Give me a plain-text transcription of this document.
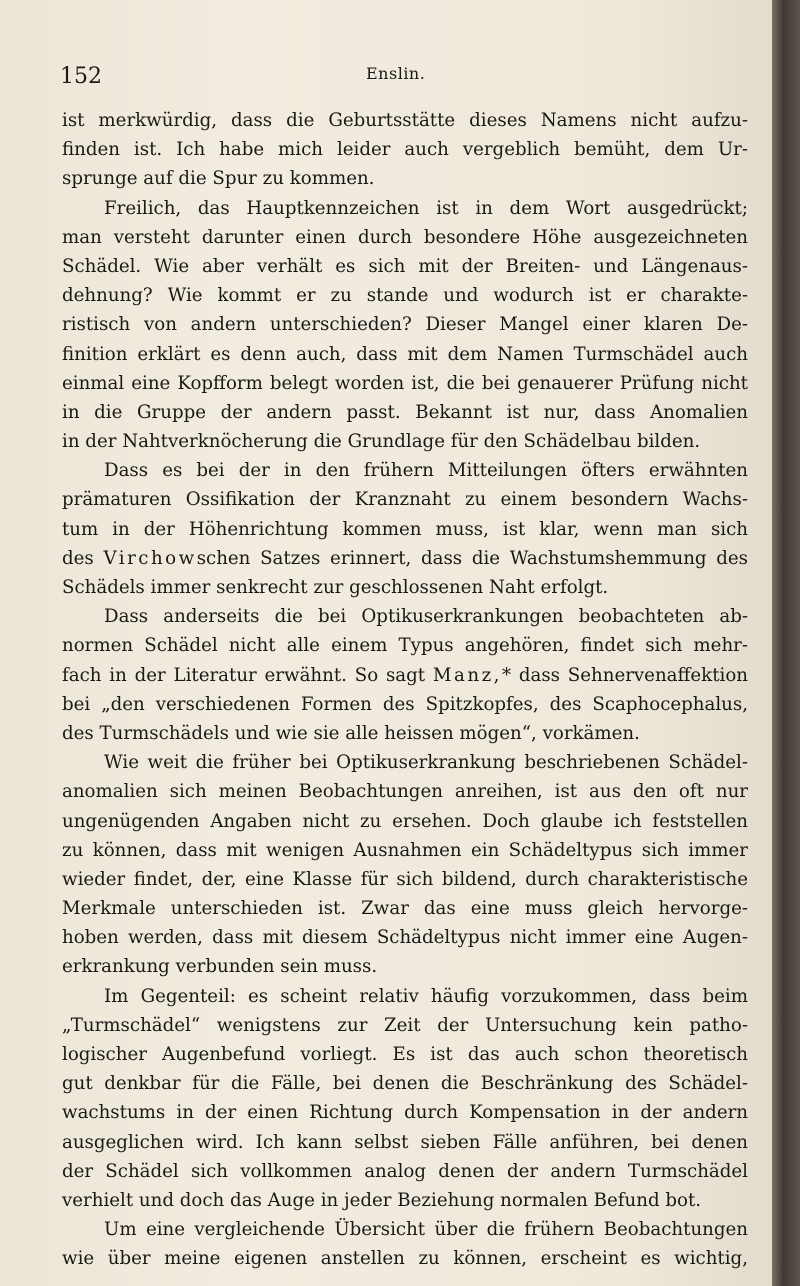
152	Enslin.
ist merkwürdig, dass die Geburtsstätte dieses Namens nicht aufzu-
finden ist. Ich habe mich leider auch vergeblich bemüht, dem Ur-
sprunge auf die Spur zu kommen.
Freilich, das Hauptkennzeichen ist in dem Wort ausgedrückt;
man versteht darunter einen durch besondere Höhe ausgezeichneten
Schädel. Wie aber verhält es sich mit der Breiten- und Längenaus-
dehnung? Wie kommt er zu stande und wodurch ist er charakte-
ristisch von andern unterschieden? Dieser Mangel einer klaren De-
finition erklärt es denn auch, dass mit dem Namen Turmschädel auch
einmal eine Kopfform belegt worden ist, die bei genauerer Prüfung nicht
in die Gruppe der andern passt. Bekannt ist nur, dass Anomalien
in der Nahtverknöcherung die Grundlage für den Schädelbau bilden.
Dass es bei der in den frühern Mitteilungen öfters erwähnten
prämaturen Ossifikation der Kranznaht zu einem besondern Wachs-
tum in der Höhenrichtung kommen muss, ist klar, wenn man sich
des Virchowschen Satzes erinnert, dass die Wachstumshemmung des
Schädels immer senkrecht zur geschlossenen Naht erfolgt.
Dass anderseits die bei Optikuserkrankungen beobachteten ab-
normen Schädel nicht alle einem Typus angehören, findet sich mehr-
fach in der Literatur erwähnt. So sagt Manz,* dass Sehnervenaffektion
bei „den verschiedenen Formen des Spitzkopfes, des Scaphocephalus,
des Turmschädels und wie sie alle heissen mögen“, vorkämen.
Wie weit die früher bei Optikuserkrankung beschriebenen Schädel-
anomalien sich meinen Beobachtungen anreihen, ist aus den oft nur
ungenügenden Angaben nicht zu ersehen. Doch glaube ich feststellen
zu können, dass mit wenigen Ausnahmen ein Schädeltypus sich immer
wieder findet, der, eine Klasse für sich bildend, durch charakteristische
Merkmale unterschieden ist. Zwar das eine muss gleich hervorge-
hoben werden, dass mit diesem Schädeltypus nicht immer eine Augen-
erkrankung verbunden sein muss.
Im Gegenteil: es scheint relativ häufig vorzukommen, dass beim
„Turmschädel“ wenigstens zur Zeit der Untersuchung kein patho-
logischer Augenbefund vorliegt. Es ist das auch schon theoretisch
gut denkbar für die Fälle, bei denen die Beschränkung des Schädel-
wachstums in der einen Richtung durch Kompensation in der andern
ausgeglichen wird. Ich kann selbst sieben Fälle anführen, bei denen
der Schädel sich vollkommen analog denen der andern Turmschädel
verhielt und doch das Auge in jeder Beziehung normalen Befund bot.
Um eine vergleichende Übersicht über die frühern Beobachtungen
wie über meine eigenen anstellen zu können, erscheint es wichtig,
